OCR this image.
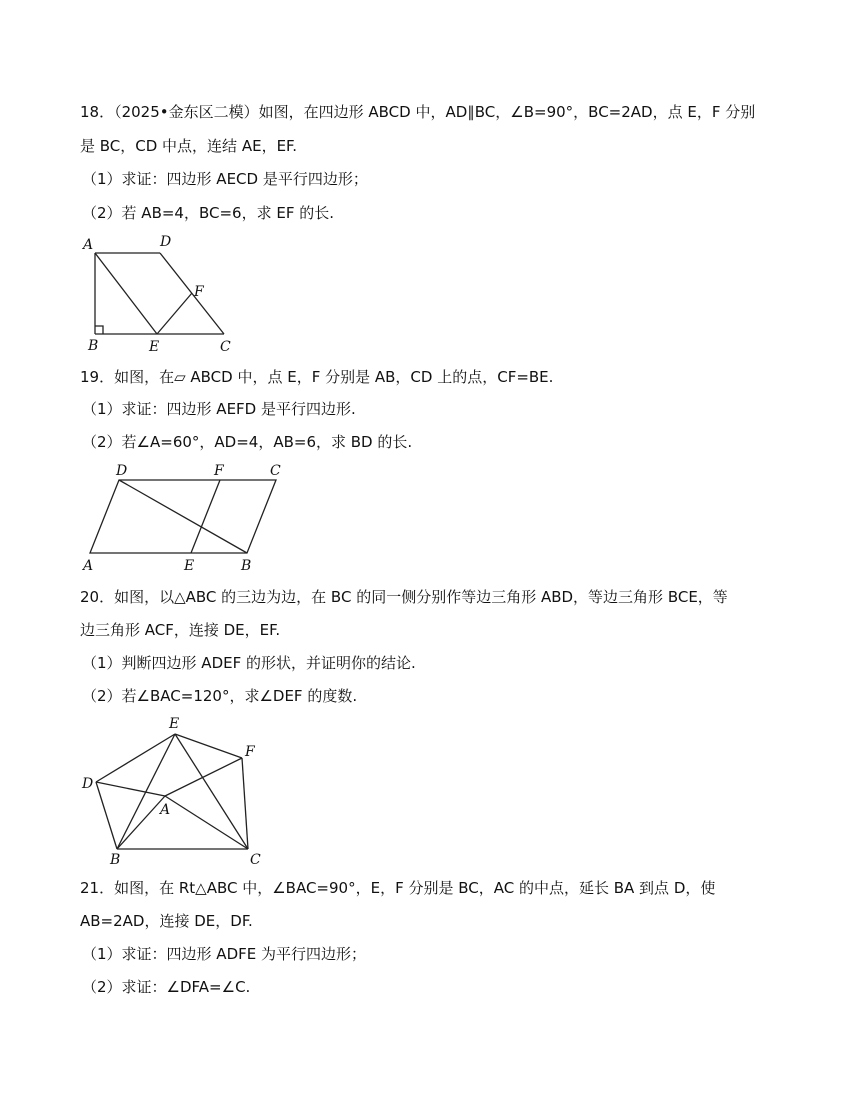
18．（2025•金东区二模）如图，在四边形 ABCD 中，AD∥BC，∠B=90°，BC=2AD，点 E，F 分别
是 BC，CD 中点，连结 AE，EF.
（1）求证：四边形 AECD 是平行四边形；
（2）若 AB=4，BC=6，求 EF 的长.
A	D
F
B	E	C
19．如图，在▱ ABCD 中，点 E，F 分别是 AB，CD 上的点，CF=BE.
（1）求证：四边形 AEFD 是平行四边形.
（2）若∠A=60°，AD=4，AB=6，求 BD 的长.
D	F	C
A	E	B
20．如图，以△ABC 的三边为边，在 BC 的同一侧分别作等边三角形 ABD，等边三角形 BCE，等
边三角形 ACF，连接 DE，EF.
（1）判断四边形 ADEF 的形状，并证明你的结论.
（2）若∠BAC=120°，求∠DEF 的度数.
E
F
D
A
B	C
21．如图，在 Rt△ABC 中，∠BAC=90°，E，F 分别是 BC，AC 的中点，延长 BA 到点 D，使
AB=2AD，连接 DE，DF.
（1）求证：四边形 ADFE 为平行四边形；
（2）求证：∠DFA=∠C.
